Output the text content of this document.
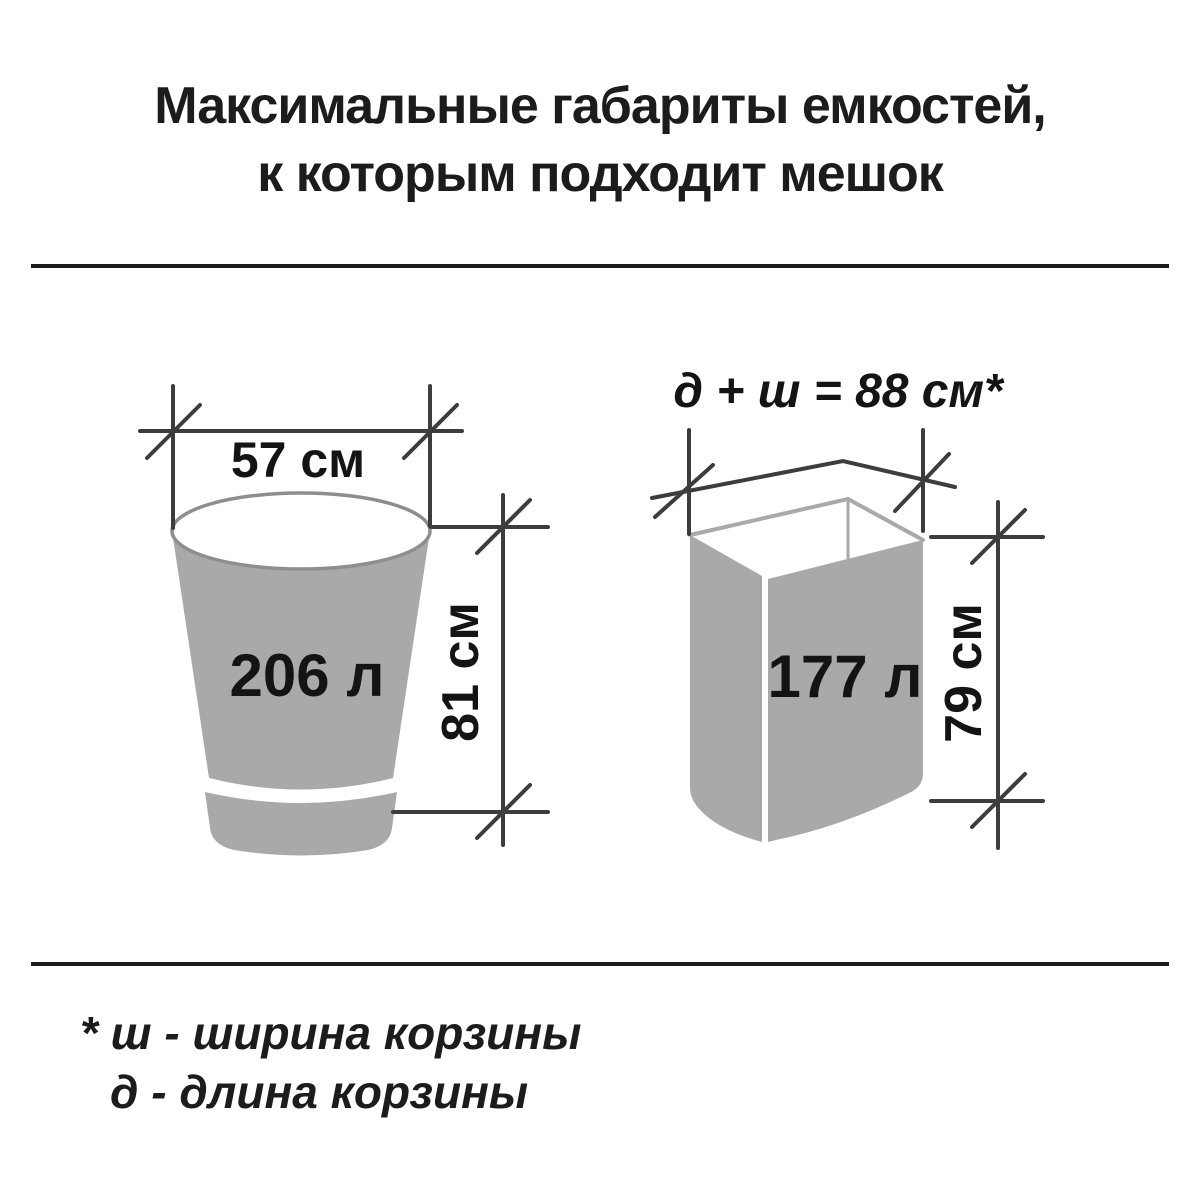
Максимальные габариты емкостей,
к которым подходит мешок
206 л
57 см
81 см	177 л
д + ш = 88 см*
79 см
* ш - ширина корзины
д - длина корзины
